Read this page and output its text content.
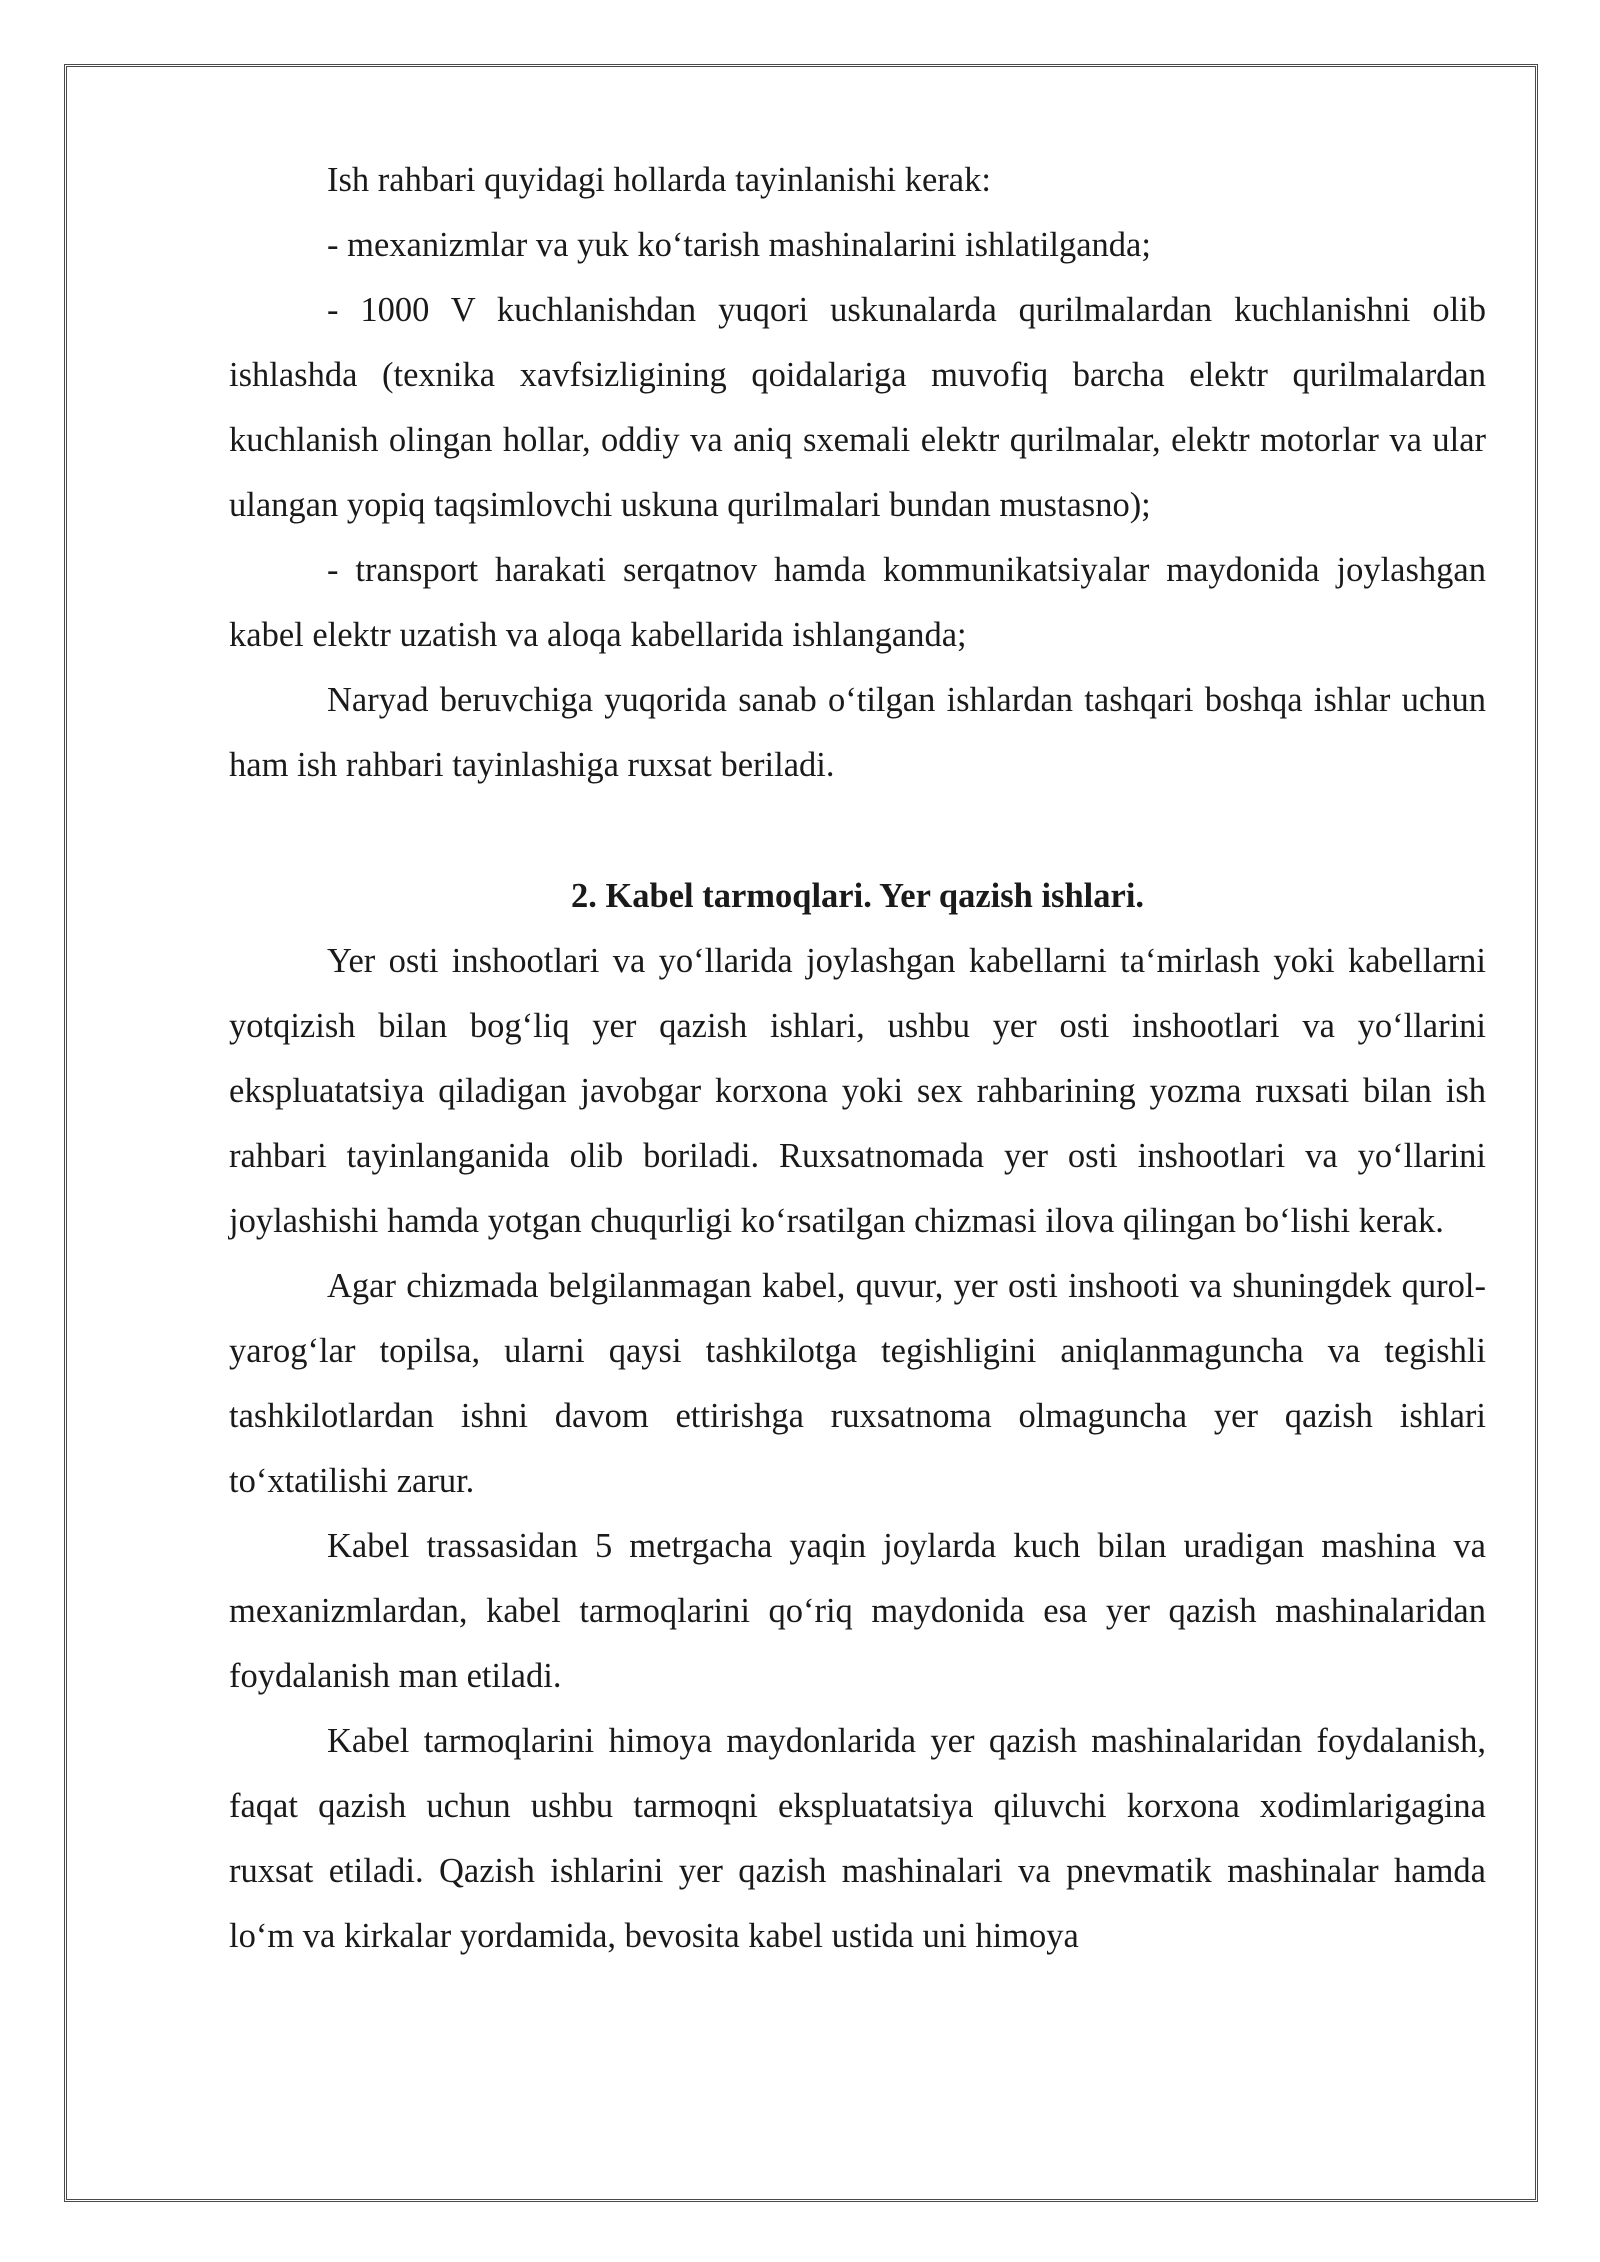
Ish rahbari quyidagi hollarda tayinlanishi kerak:

- mexanizmlar va yuk ko‘tarish mashinalarini ishlatilganda;

- 1000 V kuchlanishdan yuqori uskunalarda qurilmalardan kuchlanishni olib ishlashda (texnika xavfsizligining qoidalariga muvofiq barcha elektr qurilmalardan kuchlanish olingan hollar, oddiy va aniq sxemali elektr qurilmalar, elektr motorlar va ular ulangan yopiq taqsimlovchi uskuna qurilmalari bundan mustasno);

- transport harakati serqatnov hamda kommunikatsiyalar maydonida joylashgan kabel elektr uzatish va aloqa kabellarida ishlanganda;

Naryad beruvchiga yuqorida sanab o‘tilgan ishlardan tashqari boshqa ishlar uchun ham ish rahbari tayinlashiga ruxsat beriladi.

2. Kabel tarmoqlari. Yer qazish ishlari.

Yer osti inshootlari va yo‘llarida joylashgan kabellarni ta‘mirlash yoki kabellarni yotqizish bilan bog‘liq yer qazish ishlari, ushbu yer osti inshootlari va yo‘llarini ekspluatatsiya qiladigan javobgar korxona yoki sex rahbarining yozma ruxsati bilan ish rahbari tayinlanganida olib boriladi. Ruxsatnomada yer osti inshootlari va yo‘llarini joylashishi hamda yotgan chuqurligi ko‘rsatilgan chizmasi ilova qilingan bo‘lishi kerak.

Agar chizmada belgilanmagan kabel, quvur, yer osti inshooti va shuningdek qurol-yarog‘lar topilsa, ularni qaysi tashkilotga tegishligini aniqlanmaguncha va tegishli tashkilotlardan ishni davom ettirishga ruxsatnoma olmaguncha yer qazish ishlari to‘xtatilishi zarur.

Kabel trassasidan 5 metrgacha yaqin joylarda kuch bilan uradigan mashina va mexanizmlardan, kabel tarmoqlarini qo‘riq maydonida esa yer qazish mashinalaridan foydalanish man etiladi.

Kabel tarmoqlarini himoya maydonlarida yer qazish mashinalaridan foydalanish, faqat qazish uchun ushbu tarmoqni ekspluatatsiya qiluvchi korxona xodimlarigagina ruxsat etiladi. Qazish ishlarini yer qazish mashinalari va pnevmatik mashinalar hamda lo‘m va kirkalar yordamida, bevosita kabel ustida uni himoya
